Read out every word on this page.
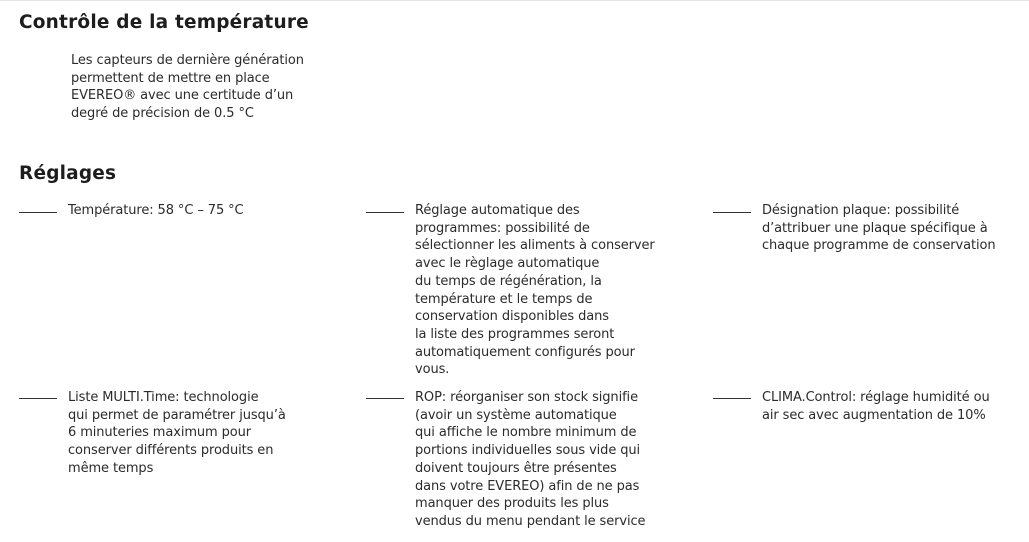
Contrôle de la température
Les capteurs de dernière génération
permettent de mettre en place
EVEREO® avec une certitude d’un
degré de précision de 0.5 °C
Réglages
Température: 58 °C – 75 °C	Réglage automatique des
programmes: possibilité de
sélectionner les aliments à conserver
avec le règlage automatique
du temps de régénération, la
température et le temps de
conservation disponibles dans
la liste des programmes seront
automatiquement configurés pour
vous.
Désignation plaque: possibilité
d’attribuer une plaque spécifique à
chaque programme de conservation
Liste MULTI.Time: technologie
qui permet de paramétrer jusqu’à
6 minuteries maximum pour
conserver différents produits en
même temps
ROP: réorganiser son stock signifie
(avoir un système automatique
qui affiche le nombre minimum de
portions individuelles sous vide qui
doivent toujours être présentes
dans votre EVEREO) afin de ne pas
manquer des produits les plus
vendus du menu pendant le service
CLIMA.Control: réglage humidité ou
air sec avec augmentation de 10%
